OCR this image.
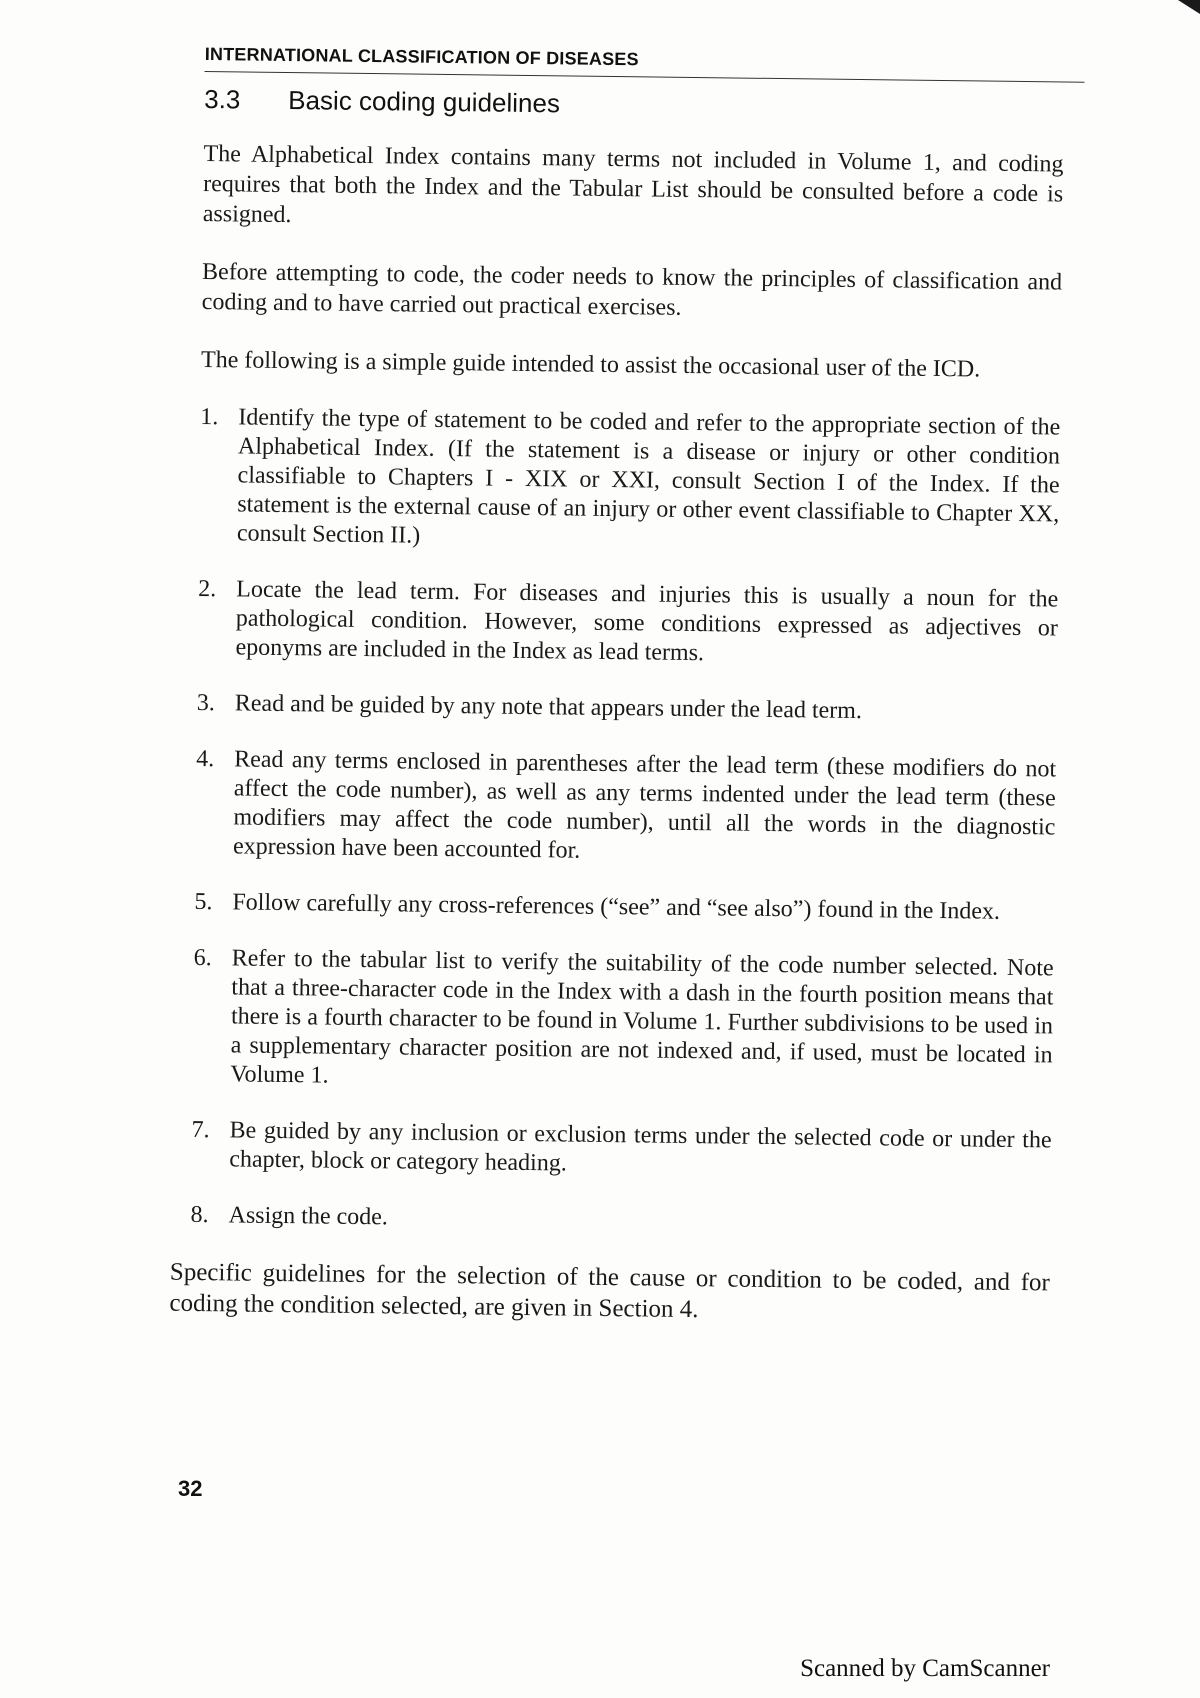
INTERNATIONAL CLASSIFICATION OF DISEASES
3.3	Basic coding guidelines

The Alphabetical Index contains many terms not included in Volume 1, and coding requires that both the Index and the Tabular List should be consulted before a code is assigned.

Before attempting to code, the coder needs to know the principles of classification and coding and to have carried out practical exercises.

The following is a simple guide intended to assist the occasional user of the ICD.

1. Identify the type of statement to be coded and refer to the appropriate section of the Alphabetical Index. (If the statement is a disease or injury or other condition classifiable to Chapters I - XIX or XXI, consult Section I of the Index. If the statement is the external cause of an injury or other event classifiable to Chapter XX, consult Section II.)
2. Locate the lead term. For diseases and injuries this is usually a noun for the pathological condition. However, some conditions expressed as adjectives or eponyms are included in the Index as lead terms.
3. Read and be guided by any note that appears under the lead term.
4. Read any terms enclosed in parentheses after the lead term (these modifiers do not affect the code number), as well as any terms indented under the lead term (these modifiers may affect the code number), until all the words in the diagnostic expression have been accounted for.
5. Follow carefully any cross-references (“see” and “see also”) found in the Index.
6. Refer to the tabular list to verify the suitability of the code number selected. Note that a three-character code in the Index with a dash in the fourth position means that there is a fourth character to be found in Volume 1. Further subdivisions to be used in a supplementary character position are not indexed and, if used, must be located in Volume 1.
7. Be guided by any inclusion or exclusion terms under the selected code or under the chapter, block or category heading.
8. Assign the code.

Specific guidelines for the selection of the cause or condition to be coded, and for coding the condition selected, are given in Section 4.

32
Scanned by CamScanner
